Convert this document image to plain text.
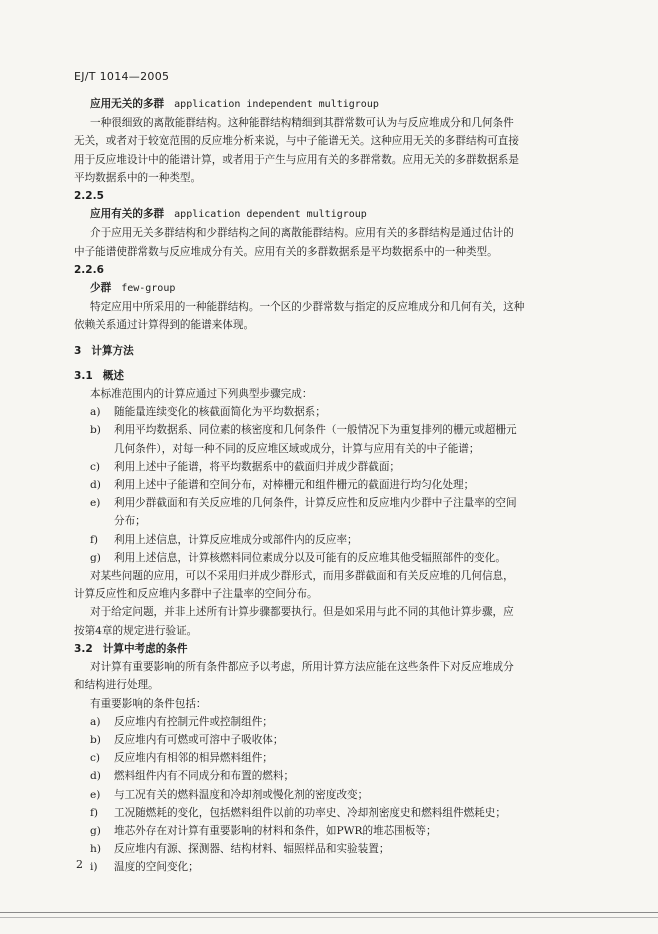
EJ/T 1014—2005
应用无关的多群 application independent multigroup
一种很细致的离散能群结构。这种能群结构精细到其群常数可认为与反应堆成分和几何条件
无关，或者对于较宽范围的反应堆分析来说，与中子能谱无关。这种应用无关的多群结构可直接
用于反应堆设计中的能谱计算，或者用于产生与应用有关的多群常数。应用无关的多群数据系是
平均数据系中的一种类型。
2.2.5
应用有关的多群 application dependent multigroup
介于应用无关多群结构和少群结构之间的离散能群结构。应用有关的多群结构是通过估计的
中子能谱使群常数与反应堆成分有关。应用有关的多群数据系是平均数据系中的一种类型。
2.2.6
少群 few-group
特定应用中所采用的一种能群结构。一个区的少群常数与指定的反应堆成分和几何有关，这种
依赖关系通过计算得到的能谱来体现。
3 计算方法
3.1 概述
本标准范围内的计算应通过下列典型步骤完成：
a)	随能量连续变化的核截面简化为平均数据系；
b)	利用平均数据系、同位素的核密度和几何条件（一般情况下为重复排列的栅元或超栅元
几何条件），对每一种不同的反应堆区域或成分，计算与应用有关的中子能谱；
c)	利用上述中子能谱，将平均数据系中的截面归并成少群截面；
d)	利用上述中子能谱和空间分布，对棒栅元和组件栅元的截面进行均匀化处理；
e)	利用少群截面和有关反应堆的几何条件，计算反应性和反应堆内少群中子注量率的空间
分布；
f)	利用上述信息，计算反应堆成分或部件内的反应率；
g)	利用上述信息，计算核燃料同位素成分以及可能有的反应堆其他受辐照部件的变化。
对某些问题的应用，可以不采用归并成少群形式，而用多群截面和有关反应堆的几何信息，
计算反应性和反应堆内多群中子注量率的空间分布。
对于给定问题，并非上述所有计算步骤都要执行。但是如采用与此不同的其他计算步骤，应
按第4章的规定进行验证。
3.2 计算中考虑的条件
对计算有重要影响的所有条件都应予以考虑，所用计算方法应能在这些条件下对反应堆成分
和结构进行处理。
有重要影响的条件包括：
a)	反应堆内有控制元件或控制组件；
b)	反应堆内有可燃或可溶中子吸收体；
c)	反应堆内有相邻的相异燃料组件；
d)	燃料组件内有不同成分和布置的燃料；
e)	与工况有关的燃料温度和冷却剂或慢化剂的密度改变；
f)	工况随燃耗的变化，包括燃料组件以前的功率史、冷却剂密度史和燃料组件燃耗史；
g)	堆芯外存在对计算有重要影响的材料和条件，如PWR的堆芯围板等；
h)	反应堆内有源、探测器、结构材料、辐照样品和实验装置；
i)	温度的空间变化；
2
